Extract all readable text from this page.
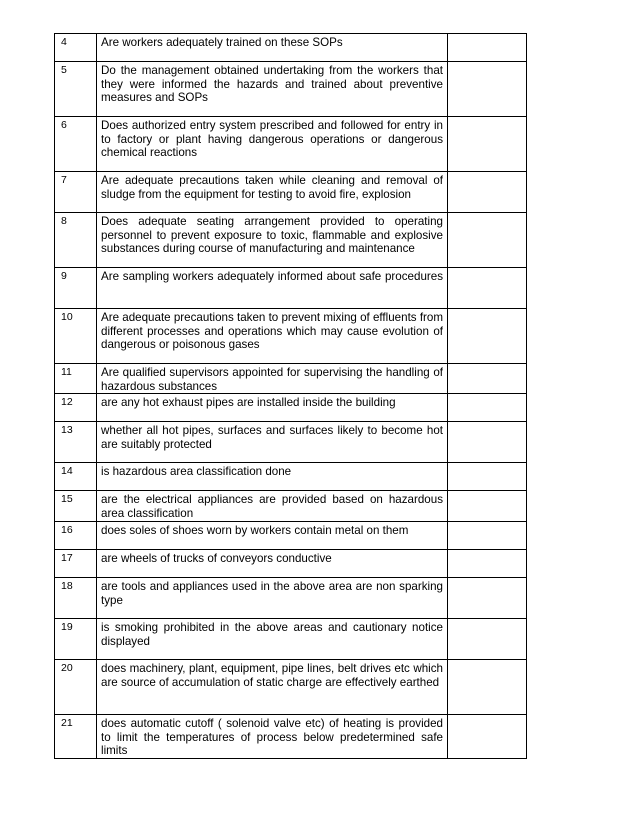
4	Are workers adequately trained on these SOPs	
5	Do the management obtained undertaking from the workers that they were informed the hazards and trained about preventive measures and SOPs	
6	Does authorized entry system prescribed and followed for entry in to factory or plant having dangerous operations or dangerous chemical reactions	
7	Are adequate precautions taken while cleaning and removal of sludge from the equipment for testing to avoid fire, explosion	
8	Does adequate seating arrangement provided to operating personnel to prevent exposure to toxic, flammable and explosive substances during course of manufacturing and maintenance	
9	Are sampling workers adequately informed about safe procedures	
10	Are adequate precautions taken to prevent mixing of effluents from different processes and operations which may cause evolution of dangerous or poisonous gases	
11	Are qualified supervisors appointed for supervising the handling of hazardous substances	
12	are any hot exhaust pipes are installed inside the building	
13	whether all hot pipes, surfaces and surfaces likely to become hot are suitably protected	
14	is hazardous area classification done	
15	are the electrical appliances are provided based on hazardous area classification	
16	does soles of shoes worn by workers contain metal on them	
17	are wheels of trucks of conveyors conductive	
18	are tools and appliances used in the above area are non sparking type	
19	is smoking prohibited in the above areas and cautionary notice displayed	
20	does machinery, plant, equipment, pipe lines, belt drives etc which are source of accumulation of static charge are effectively earthed	
21	does automatic cutoff ( solenoid valve etc) of heating is provided to limit the temperatures of process below predetermined safe limits	
